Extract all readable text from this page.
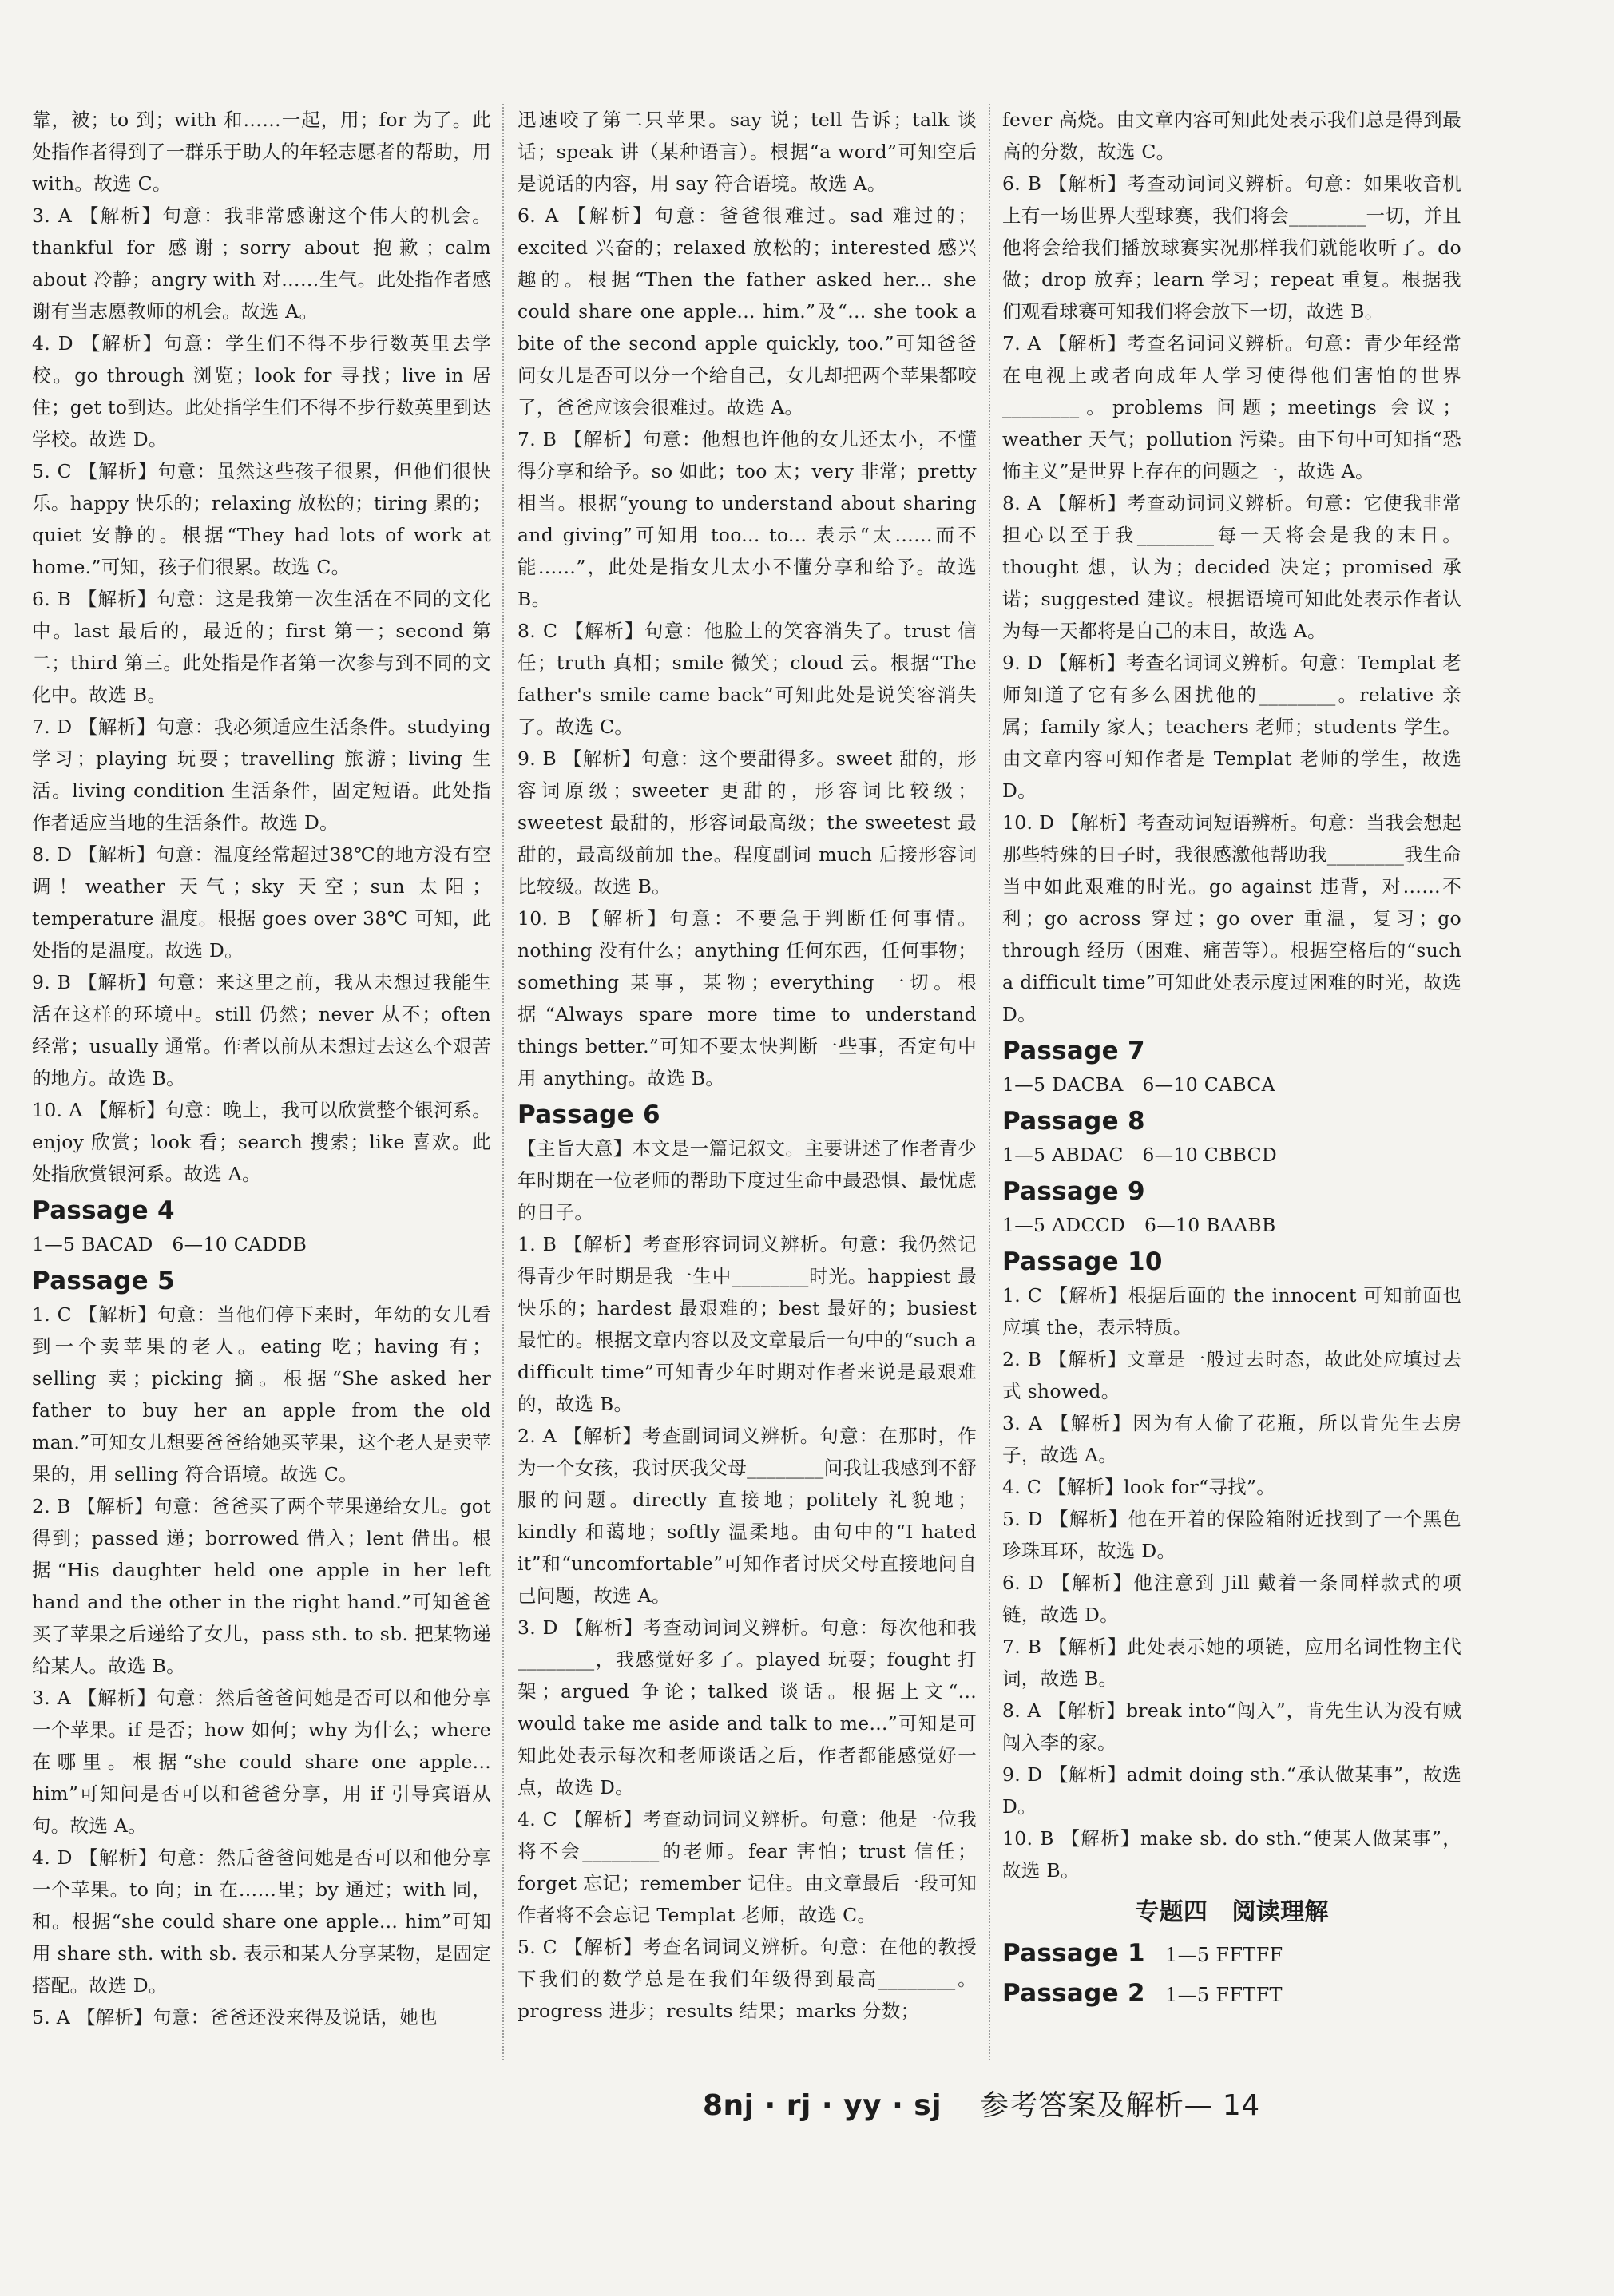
靠，被；to 到；with 和……一起，用；for 为了。此处指作者得到了一群乐于助人的年轻志愿者的帮助，用 with。故选 C。

3. A 【解析】句意：我非常感谢这个伟大的机会。thankful for 感谢；sorry about 抱歉；calm about 冷静；angry with 对……生气。此处指作者感谢有当志愿教师的机会。故选 A。

4. D 【解析】句意：学生们不得不步行数英里去学校。go through 浏览；look for 寻找；live in 居住；get to到达。此处指学生们不得不步行数英里到达学校。故选 D。

5. C 【解析】句意：虽然这些孩子很累，但他们很快乐。happy 快乐的；relaxing 放松的；tiring 累的；quiet 安静的。根据“They had lots of work at home.”可知，孩子们很累。故选 C。

6. B 【解析】句意：这是我第一次生活在不同的文化中。last 最后的，最近的；first 第一；second 第二；third 第三。此处指是作者第一次参与到不同的文化中。故选 B。

7. D 【解析】句意：我必须适应生活条件。studying 学习；playing 玩耍；travelling 旅游；living 生活。living condition 生活条件，固定短语。此处指作者适应当地的生活条件。故选 D。

8. D 【解析】句意：温度经常超过38℃的地方没有空调！weather 天气；sky 天空；sun 太阳；temperature 温度。根据 goes over 38℃ 可知，此处指的是温度。故选 D。

9. B 【解析】句意：来这里之前，我从未想过我能生活在这样的环境中。still 仍然；never 从不；often 经常；usually 通常。作者以前从未想过去这么个艰苦的地方。故选 B。

10. A 【解析】句意：晚上，我可以欣赏整个银河系。enjoy 欣赏；look 看；search 搜索；like 喜欢。此处指欣赏银河系。故选 A。

Passage 4

1—5 BACAD　6—10 CADDB

Passage 5

1. C 【解析】句意：当他们停下来时，年幼的女儿看到一个卖苹果的老人。eating 吃；having 有；selling 卖；picking 摘。根据“She asked her father to buy her an apple from the old man.”可知女儿想要爸爸给她买苹果，这个老人是卖苹果的，用 selling 符合语境。故选 C。

2. B 【解析】句意：爸爸买了两个苹果递给女儿。got 得到；passed 递；borrowed 借入；lent 借出。根据“His daughter held one apple in her left hand and the other in the right hand.”可知爸爸买了苹果之后递给了女儿，pass sth. to sb. 把某物递给某人。故选 B。

3. A 【解析】句意：然后爸爸问她是否可以和他分享一个苹果。if 是否；how 如何；why 为什么；where 在哪里。根据“she could share one apple... him”可知问是否可以和爸爸分享，用 if 引导宾语从句。故选 A。

4. D 【解析】句意：然后爸爸问她是否可以和他分享一个苹果。to 向；in 在……里；by 通过；with 同，和。根据“she could share one apple... him”可知用 share sth. with sb. 表示和某人分享某物，是固定搭配。故选 D。

5. A 【解析】句意：爸爸还没来得及说话，她也

迅速咬了第二只苹果。say 说；tell 告诉；talk 谈话；speak 讲（某种语言）。根据“a word”可知空后是说话的内容，用 say 符合语境。故选 A。

6. A 【解析】句意：爸爸很难过。sad 难过的；excited 兴奋的；relaxed 放松的；interested 感兴趣的。根据“Then the father asked her... she could share one apple... him.”及“... she took a bite of the second apple quickly, too.”可知爸爸问女儿是否可以分一个给自己，女儿却把两个苹果都咬了，爸爸应该会很难过。故选 A。

7. B 【解析】句意：他想也许他的女儿还太小，不懂得分享和给予。so 如此；too 太；very 非常；pretty 相当。根据“young to understand about sharing and giving”可知用 too... to... 表示“太……而不能……”，此处是指女儿太小不懂分享和给予。故选 B。

8. C 【解析】句意：他脸上的笑容消失了。trust 信任；truth 真相；smile 微笑；cloud 云。根据“The father's smile came back”可知此处是说笑容消失了。故选 C。

9. B 【解析】句意：这个要甜得多。sweet 甜的，形容词原级；sweeter 更甜的，形容词比较级；sweetest 最甜的，形容词最高级；the sweetest 最甜的，最高级前加 the。程度副词 much 后接形容词比较级。故选 B。

10. B 【解析】句意：不要急于判断任何事情。nothing 没有什么；anything 任何东西，任何事物；something 某事，某物；everything 一切。根据“Always spare more time to understand things better.”可知不要太快判断一些事，否定句中用 anything。故选 B。

Passage 6

【主旨大意】本文是一篇记叙文。主要讲述了作者青少年时期在一位老师的帮助下度过生命中最恐惧、最忧虑的日子。

1. B 【解析】考查形容词词义辨析。句意：我仍然记得青少年时期是我一生中________时光。happiest 最快乐的；hardest 最艰难的；best 最好的；busiest 最忙的。根据文章内容以及文章最后一句中的“such a difficult time”可知青少年时期对作者来说是最艰难的，故选 B。

2. A 【解析】考查副词词义辨析。句意：在那时，作为一个女孩，我讨厌我父母________问我让我感到不舒服的问题。directly 直接地；politely 礼貌地；kindly 和蔼地；softly 温柔地。由句中的“I hated it”和“uncomfortable”可知作者讨厌父母直接地问自己问题，故选 A。

3. D 【解析】考查动词词义辨析。句意：每次他和我________，我感觉好多了。played 玩耍；fought 打架；argued 争论；talked 谈话。根据上文“... would take me aside and talk to me...”可知是可知此处表示每次和老师谈话之后，作者都能感觉好一点，故选 D。

4. C 【解析】考查动词词义辨析。句意：他是一位我将不会________的老师。fear 害怕；trust 信任；forget 忘记；remember 记住。由文章最后一段可知作者将不会忘记 Templat 老师，故选 C。

5. C 【解析】考查名词词义辨析。句意：在他的教授下我们的数学总是在我们年级得到最高________。progress 进步；results 结果；marks 分数；

fever 高烧。由文章内容可知此处表示我们总是得到最高的分数，故选 C。

6. B 【解析】考查动词词义辨析。句意：如果收音机上有一场世界大型球赛，我们将会________一切，并且他将会给我们播放球赛实况那样我们就能收听了。do 做；drop 放弃；learn 学习；repeat 重复。根据我们观看球赛可知我们将会放下一切，故选 B。

7. A 【解析】考查名词词义辨析。句意：青少年经常在电视上或者向成年人学习使得他们害怕的世界________。problems 问题；meetings 会议；weather 天气；pollution 污染。由下句中可知指“恐怖主义”是世界上存在的问题之一，故选 A。

8. A 【解析】考查动词词义辨析。句意：它使我非常担心以至于我________每一天将会是我的末日。thought 想，认为；decided 决定；promised 承诺；suggested 建议。根据语境可知此处表示作者认为每一天都将是自己的末日，故选 A。

9. D 【解析】考查名词词义辨析。句意：Templat 老师知道了它有多么困扰他的________。relative 亲属；family 家人；teachers 老师；students 学生。由文章内容可知作者是 Templat 老师的学生，故选 D。

10. D 【解析】考查动词短语辨析。句意：当我会想起那些特殊的日子时，我很感激他帮助我________我生命当中如此艰难的时光。go against 违背，对……不利；go across 穿过；go over 重温，复习；go through 经历（困难、痛苦等）。根据空格后的“such a difficult time”可知此处表示度过困难的时光，故选 D。

Passage 7

1—5 DACBA　6—10 CABCA

Passage 8

1—5 ABDAC　6—10 CBBCD

Passage 9

1—5 ADCCD　6—10 BAABB

Passage 10

1. C 【解析】根据后面的 the innocent 可知前面也应填 the，表示特质。

2. B 【解析】文章是一般过去时态，故此处应填过去式 showed。

3. A 【解析】因为有人偷了花瓶，所以肯先生去房子，故选 A。

4. C 【解析】look for“寻找”。

5. D 【解析】他在开着的保险箱附近找到了一个黑色珍珠耳环，故选 D。

6. D 【解析】他注意到 Jill 戴着一条同样款式的项链，故选 D。

7. B 【解析】此处表示她的项链，应用名词性物主代词，故选 B。

8. A 【解析】break into“闯入”，肯先生认为没有贼闯入李的家。

9. D 【解析】admit doing sth.“承认做某事”，故选 D。

10. B 【解析】make sb. do sth.“使某人做某事”，故选 B。

专题四　阅读理解
Passage 1 1—5 FFTFF
Passage 2 1—5 FFTFT
8nj · rj · yy · sj 参考答案及解析— 14
